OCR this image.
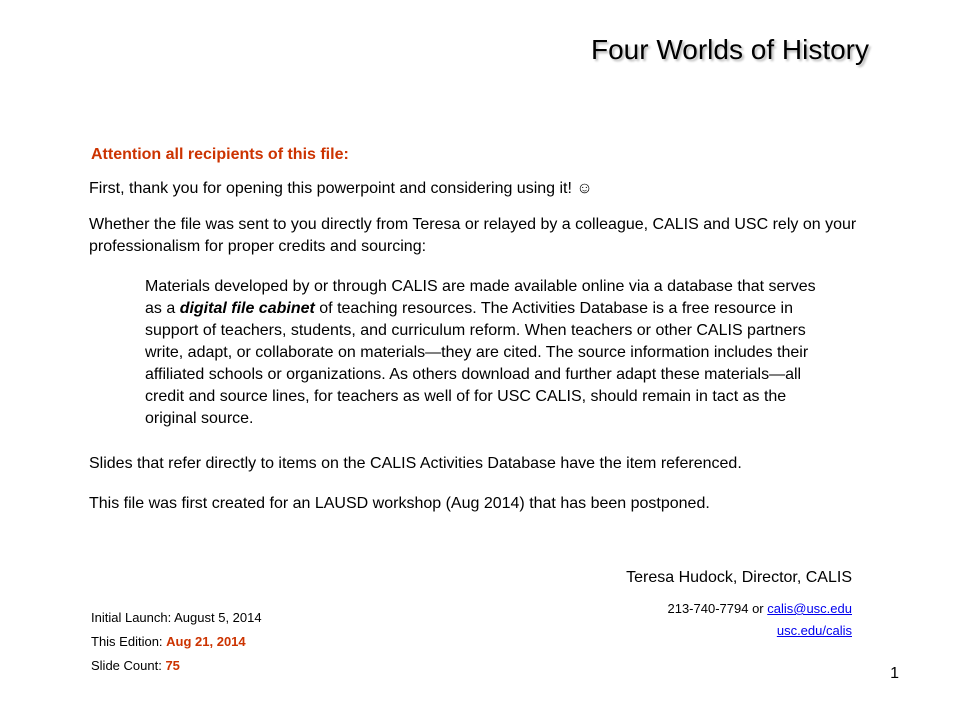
Four Worlds of History
Attention all recipients of this file:
First, thank you for opening this powerpoint and considering using it! ☺
Whether the file was sent to you directly from Teresa or relayed by a colleague, CALIS and USC rely on your professionalism for proper credits and sourcing:
Materials developed by or through CALIS are made available online via a database that serves as a digital file cabinet of teaching resources. The Activities Database is a free resource in support of teachers, students, and curriculum reform. When teachers or other CALIS partners write, adapt, or collaborate on materials—they are cited. The source information includes their affiliated schools or organizations. As others download and further adapt these materials—all credit and source lines, for teachers as well of for USC CALIS, should remain in tact as the original source.
Slides that refer directly to items on the CALIS Activities Database have the item referenced.
This file was first created for an LAUSD workshop (Aug 2014) that has been postponed.
Teresa Hudock, Director, CALIS
213-740-7794 or calis@usc.edu
usc.edu/calis
Initial Launch: August 5, 2014
This Edition: Aug 21, 2014
Slide Count: 75	1
